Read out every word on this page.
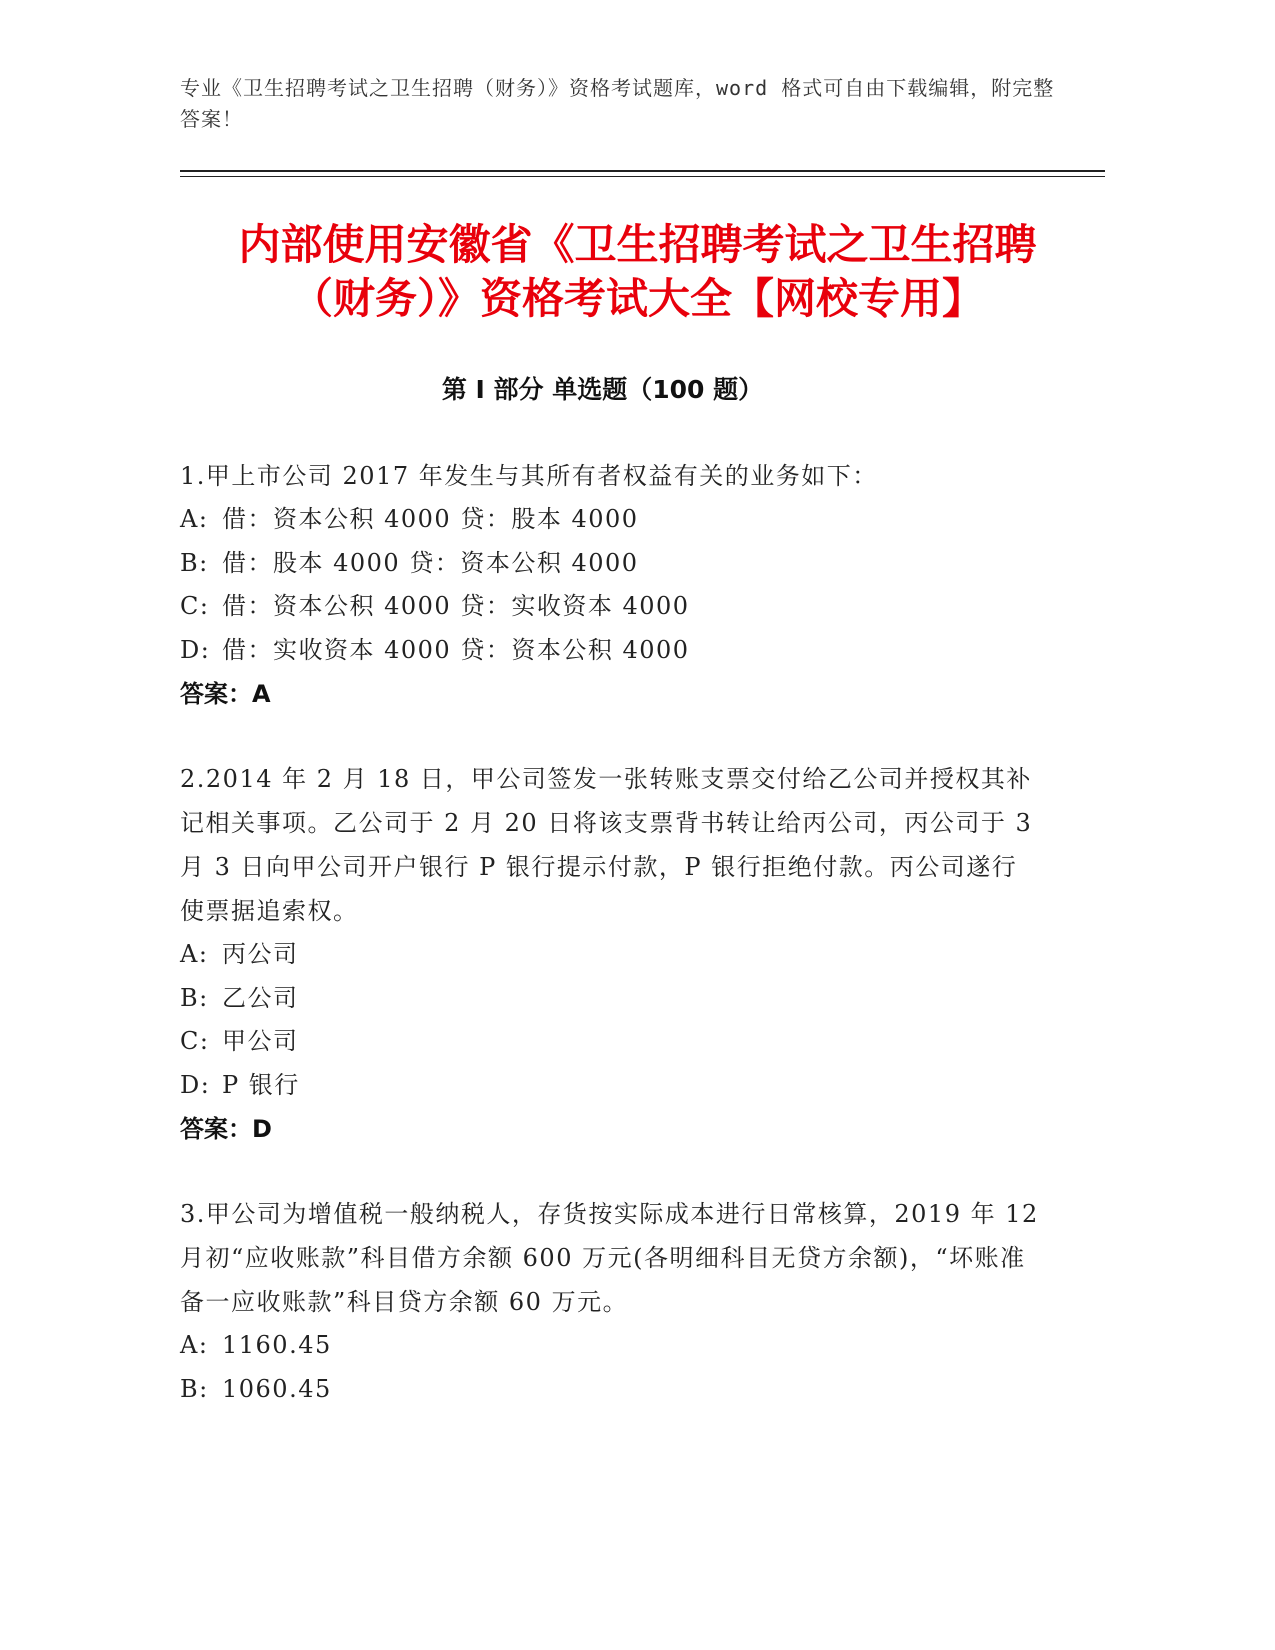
专业《卫生招聘考试之卫生招聘（财务）》资格考试题库，word 格式可自由下载编辑，附完整答案！
内部使用安徽省《卫生招聘考试之卫生招聘
（财务）》资格考试大全【网校专用】
第 I 部分 单选题（100 题）
1.甲上市公司 2017 年发生与其所有者权益有关的业务如下：
A: 借：资本公积 4000 贷：股本 4000
B: 借：股本 4000 贷：资本公积 4000
C: 借：资本公积 4000 贷：实收资本 4000
D: 借：实收资本 4000 贷：资本公积 4000
答案：A
2.2014 年 2 月 18 日，甲公司签发一张转账支票交付给乙公司并授权其补记相关事项。乙公司于 2 月 20 日将该支票背书转让给丙公司，丙公司于 3 月 3 日向甲公司开户银行 P 银行提示付款，P 银行拒绝付款。丙公司遂行使票据追索权。
A: 丙公司
B: 乙公司
C: 甲公司
D: P 银行
答案：D
3.甲公司为增值税一般纳税人，存货按实际成本进行日常核算，2019 年 12 月初“应收账款”科目借方余额 600 万元(各明细科目无贷方余额)，“坏账准备一应收账款”科目贷方余额 60 万元。
A: 1160.45
B: 1060.45
